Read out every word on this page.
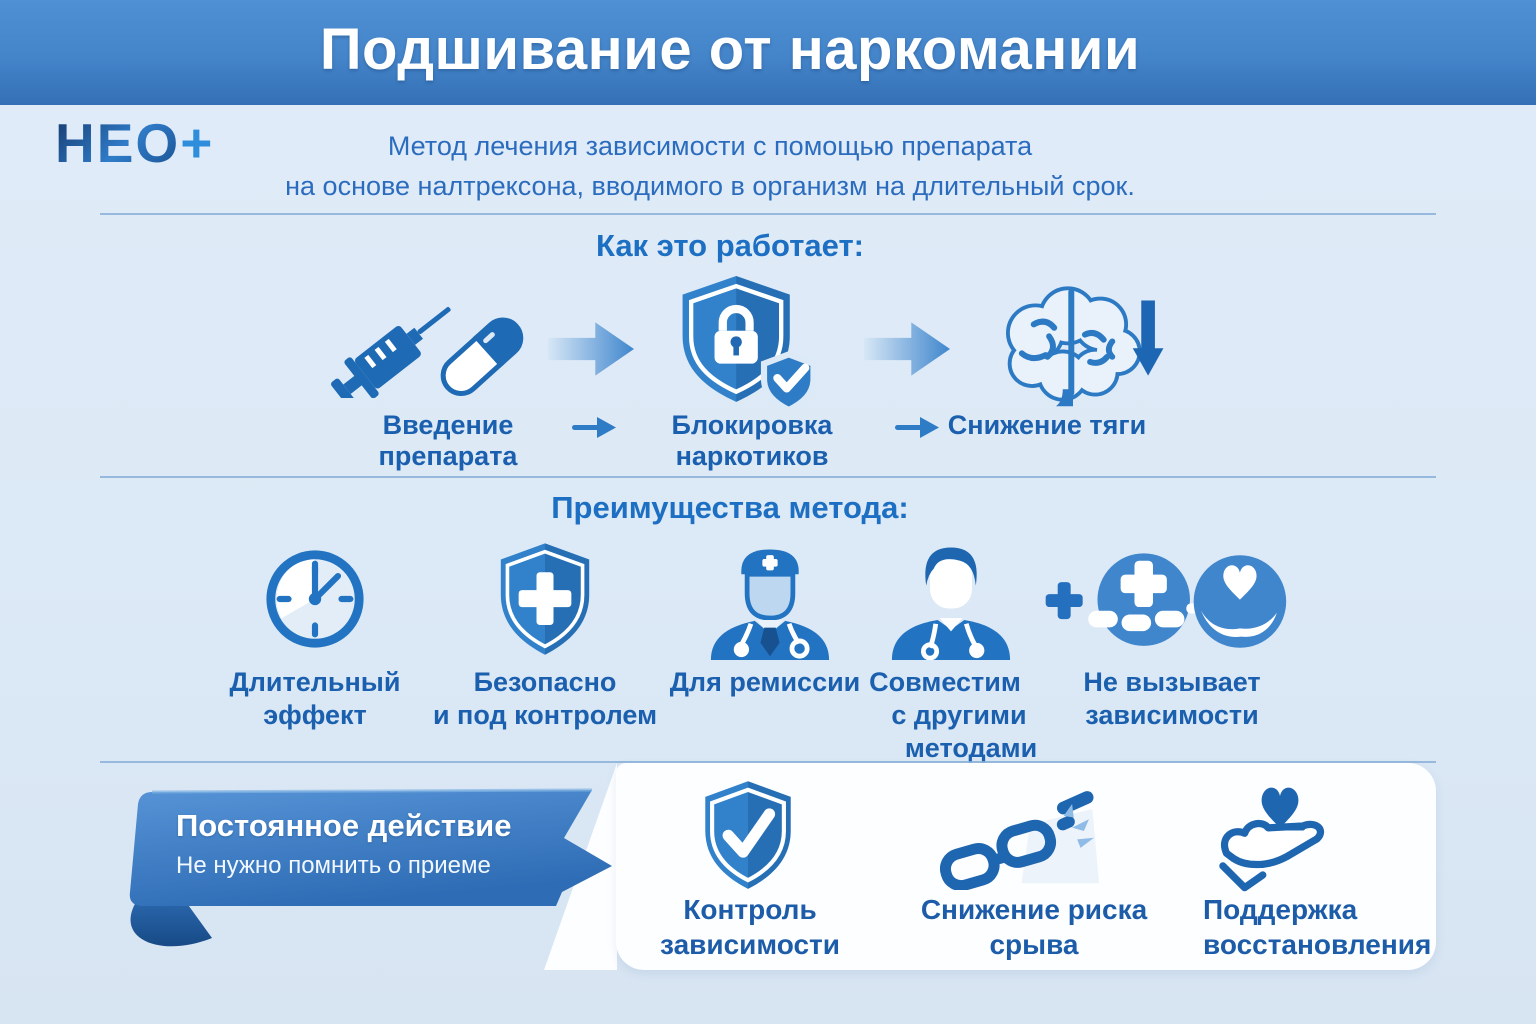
Подшивание от наркомании
НЕО+	Метод лечения зависимости с помощью препарата
на основе налтрексона, вводимого в организм на длительный срок.
Как это работает:
Введение препарата
Блокировка наркотиков
Снижение тяги
Преимущества метода:
Длительный эффект
Безопасно
и под контролем
Для ремиссии Совместим
с другими
методами
Не вызывает
зависимости
Постоянное действие
Не нужно помнить о приеме
Контроль зависимости
Снижение риска срыва
Поддержка
восстановления
